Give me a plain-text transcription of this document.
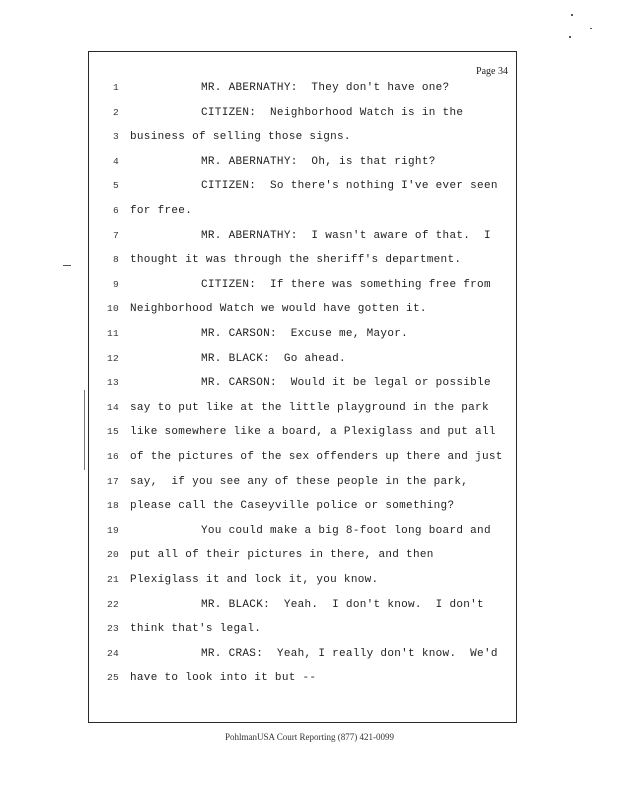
Page 34
1	MR. ABERNATHY:  They don't have one?
2	CITIZEN:  Neighborhood Watch is in the
3 business of selling those signs.
4	MR. ABERNATHY:  Oh, is that right?
5	CITIZEN:  So there's nothing I've ever seen
6 for free.
7	MR. ABERNATHY:  I wasn't aware of that.  I
8 thought it was through the sheriff's department.
9	CITIZEN:  If there was something free from
10 Neighborhood Watch we would have gotten it.
11	MR. CARSON:  Excuse me, Mayor.
12	MR. BLACK:  Go ahead.
13	MR. CARSON:  Would it be legal or possible
14 say to put like at the little playground in the park
15 like somewhere like a board, a Plexiglass and put all
16 of the pictures of the sex offenders up there and just
17 say,  if you see any of these people in the park,
18 please call the Caseyville police or something?
19	You could make a big 8-foot long board and
20 put all of their pictures in there, and then
21 Plexiglass it and lock it, you know.
22	MR. BLACK:  Yeah.  I don't know.  I don't
23 think that's legal.
24	MR. CRAS:  Yeah, I really don't know.  We'd
25 have to look into it but --
PohlmanUSA Court Reporting (877) 421-0099
